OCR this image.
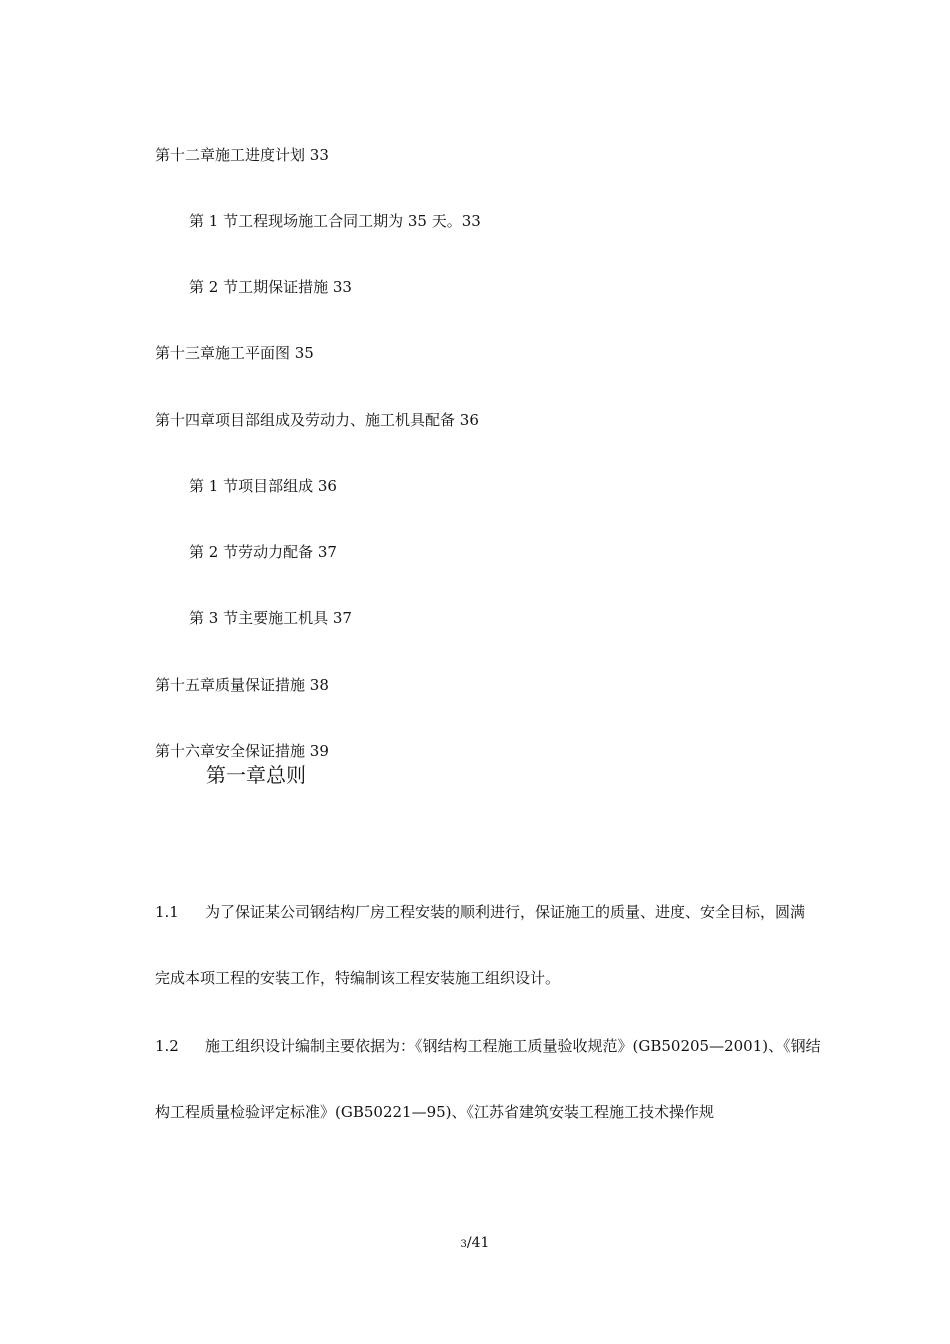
第十二章施工进度计划 33
第 1 节工程现场施工合同工期为 35 天。33
第 2 节工期保证措施 33
第十三章施工平面图 35
第十四章项目部组成及劳动力、施工机具配备 36
第 1 节项目部组成 36
第 2 节劳动力配备 37
第 3 节主要施工机具 37
第十五章质量保证措施 38
第十六章安全保证措施 39
第一章总则
1.1 为了保证某公司钢结构厂房工程安装的顺利进行，保证施工的质量、进度、安全目标，圆满
完成本项工程的安装工作，特编制该工程安装施工组织设计。
1.2 施工组织设计编制主要依据为：《钢结构工程施工质量验收规范》(GB50205—2001)、《钢结
构工程质量检验评定标准》(GB50221—95)、《江苏省建筑安装工程施工技术操作规
3/41
